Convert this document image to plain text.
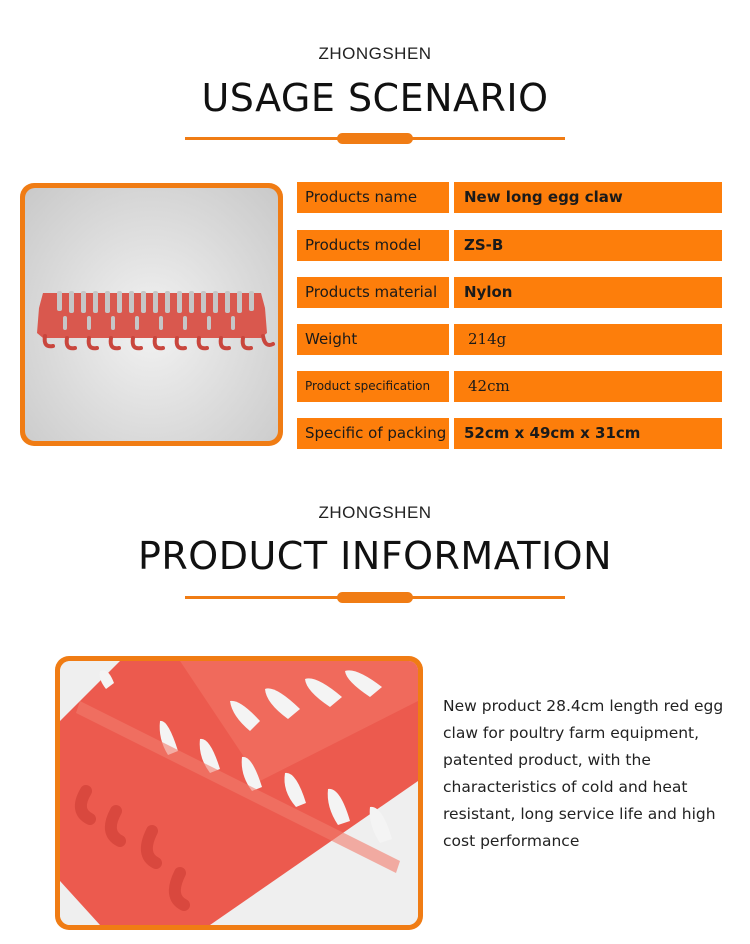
ZHONGSHEN
USAGE SCENARIO
Products name	New long egg claw
Products model	ZS-B
Products material	Nylon
Weight	214g
Product specification	42cm
Specific of packing	52cm x 49cm x 31cm
ZHONGSHEN
PRODUCT INFORMATION
New product 28.4cm length red egg
claw for poultry farm equipment,
patented product, with the
characteristics of cold and heat
resistant, long service life and high
cost performance
